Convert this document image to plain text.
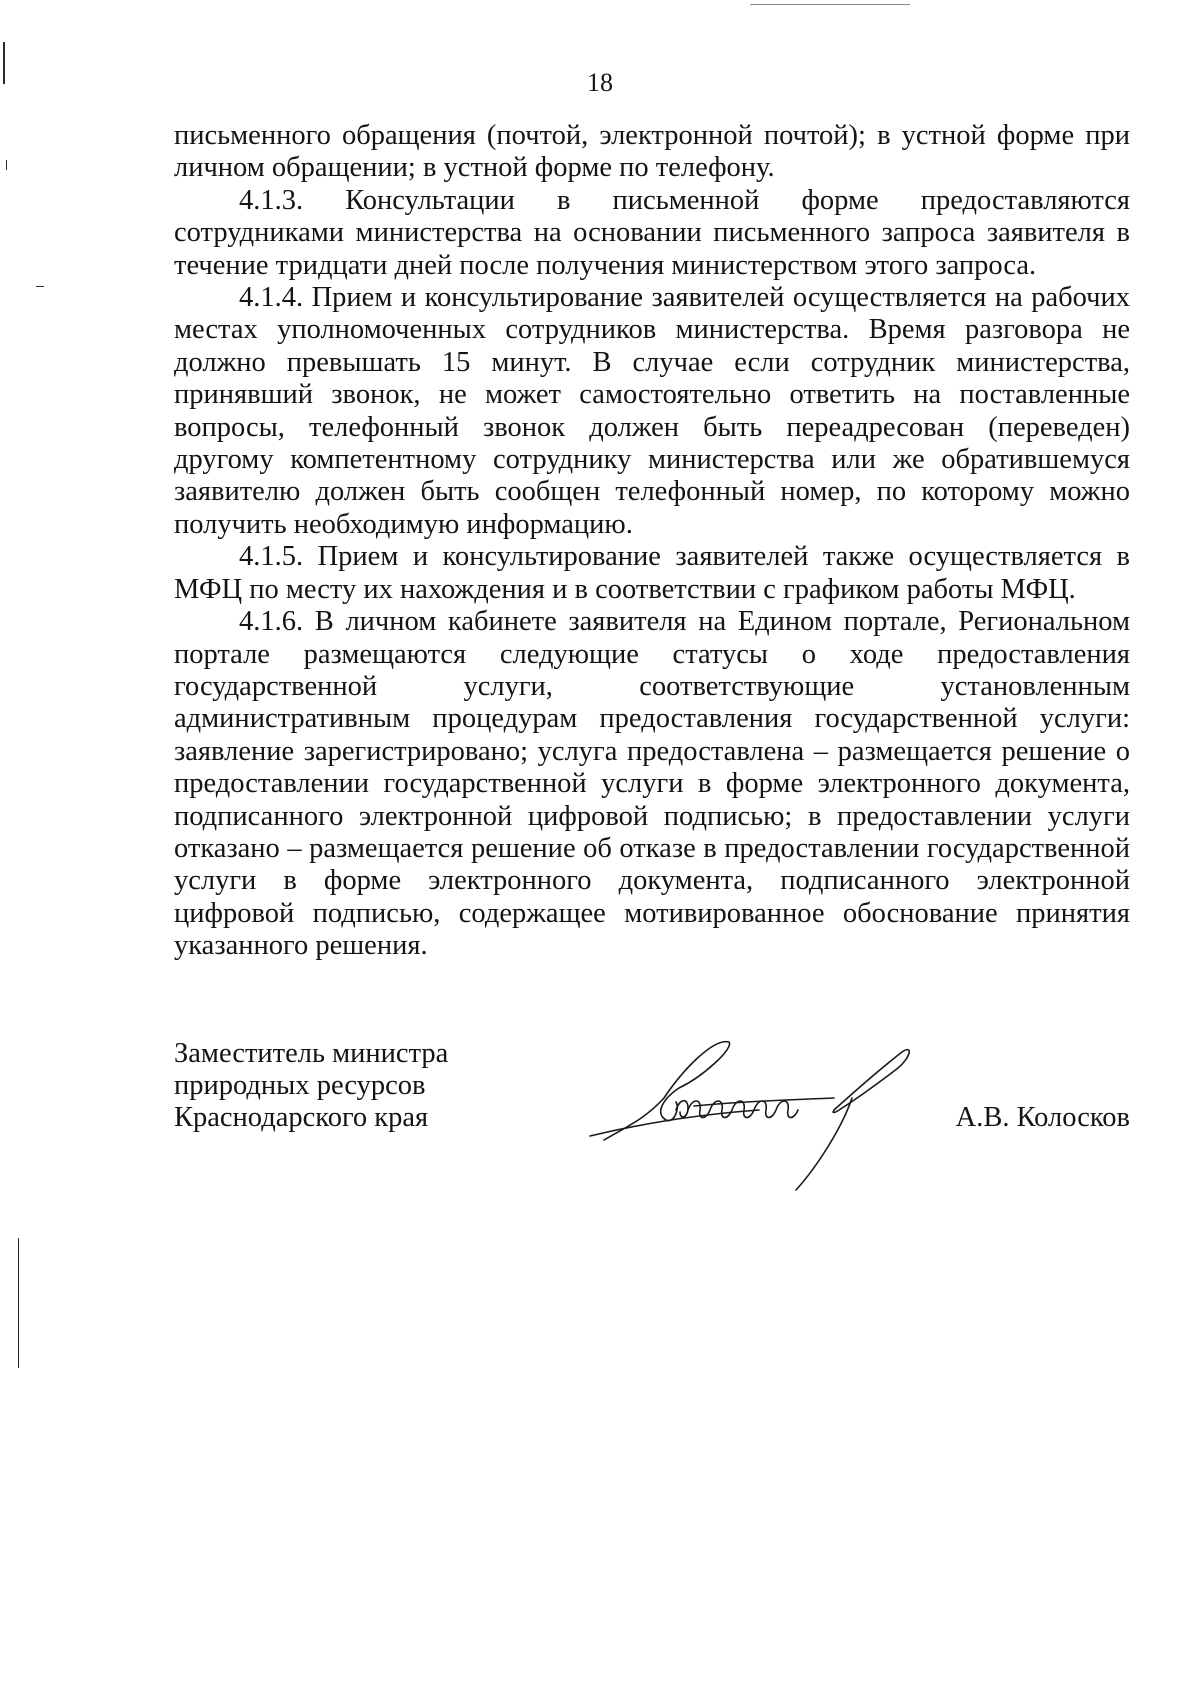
18

письменного обращения (почтой, электронной почтой); в устной форме при личном обращении; в устной форме по телефону.

4.1.3. Консультации в письменной форме предоставляются сотрудниками министерства на основании письменного запроса заявителя в течение тридцати дней после получения министерством этого запроса.

4.1.4. Прием и консультирование заявителей осуществляется на рабочих местах уполномоченных сотрудников министерства. Время разговора не должно превышать 15 минут. В случае если сотрудник министерства, принявший звонок, не может самостоятельно ответить на поставленные вопросы, телефонный звонок должен быть переадресован (переведен) другому компетентному сотруднику министерства или же обратившемуся заявителю должен быть сообщен телефонный номер, по которому можно получить необходимую информацию.

4.1.5. Прием и консультирование заявителей также осуществляется в МФЦ по месту их нахождения и в соответствии с графиком работы МФЦ.

4.1.6. В личном кабинете заявителя на Едином портале, Региональном портале размещаются следующие статусы о ходе предоставления государственной услуги, соответствующие установленным административным процедурам предоставления государственной услуги: заявление зарегистрировано; услуга предоставлена – размещается решение о предоставлении государственной услуги в форме электронного документа, подписанного электронной цифровой подписью; в предоставлении услуги отказано – размещается решение об отказе в предоставлении государственной услуги в форме электронного документа, подписанного электронной цифровой подписью, содержащее мотивированное обоснование принятия указанного решения.

Заместитель министра
природных ресурсов
Краснодарского края	А.В. Колосков
